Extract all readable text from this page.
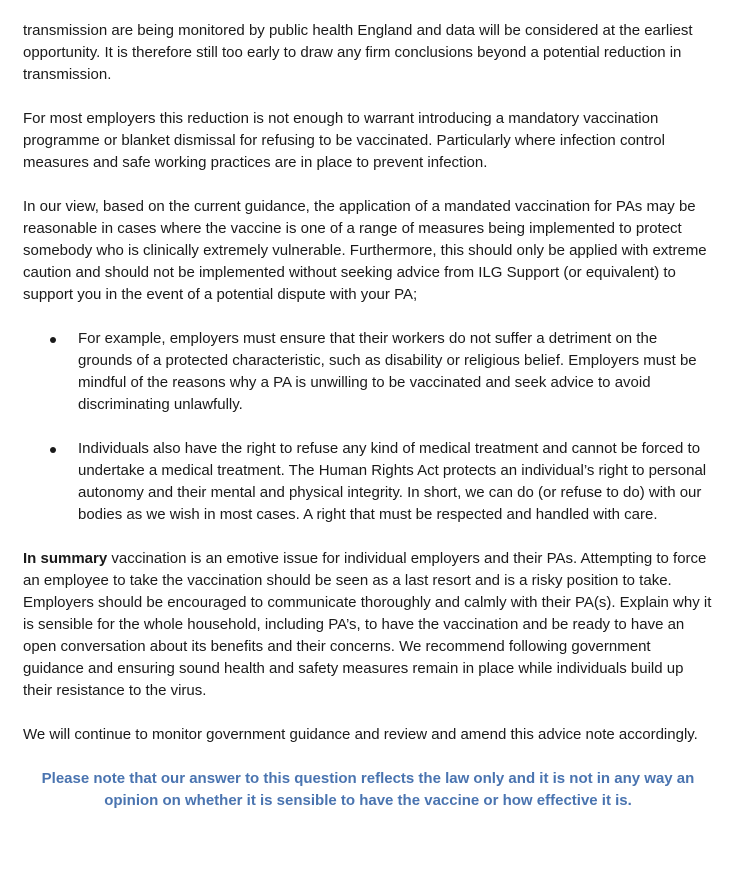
transmission are being monitored by public health England and data will be considered at the earliest opportunity. It is therefore still too early to draw any firm conclusions beyond a potential reduction in transmission.

For most employers this reduction is not enough to warrant introducing a mandatory vaccination programme or blanket dismissal for refusing to be vaccinated. Particularly where infection control measures and safe working practices are in place to prevent infection.

In our view, based on the current guidance, the application of a mandated vaccination for PAs may be reasonable in cases where the vaccine is one of a range of measures being implemented to protect somebody who is clinically extremely vulnerable. Furthermore, this should only be applied with extreme caution and should not be implemented without seeking advice from ILG Support (or equivalent) to support you in the event of a potential dispute with your PA;

For example, employers must ensure that their workers do not suffer a detriment on the grounds of a protected characteristic, such as disability or religious belief. Employers must be mindful of the reasons why a PA is unwilling to be vaccinated and seek advice to avoid discriminating unlawfully.
Individuals also have the right to refuse any kind of medical treatment and cannot be forced to undertake a medical treatment. The Human Rights Act protects an individual’s right to personal autonomy and their mental and physical integrity. In short, we can do (or refuse to do) with our bodies as we wish in most cases. A right that must be respected and handled with care.

In summary vaccination is an emotive issue for individual employers and their PAs. Attempting to force an employee to take the vaccination should be seen as a last resort and is a risky position to take. Employers should be encouraged to communicate thoroughly and calmly with their PA(s). Explain why it is sensible for the whole household, including PA’s, to have the vaccination and be ready to have an open conversation about its benefits and their concerns. We recommend following government guidance and ensuring sound health and safety measures remain in place while individuals build up their resistance to the virus.

We will continue to monitor government guidance and review and amend this advice note accordingly.

Please note that our answer to this question reflects the law only and it is not in any way an opinion on whether it is sensible to have the vaccine or how effective it is.
